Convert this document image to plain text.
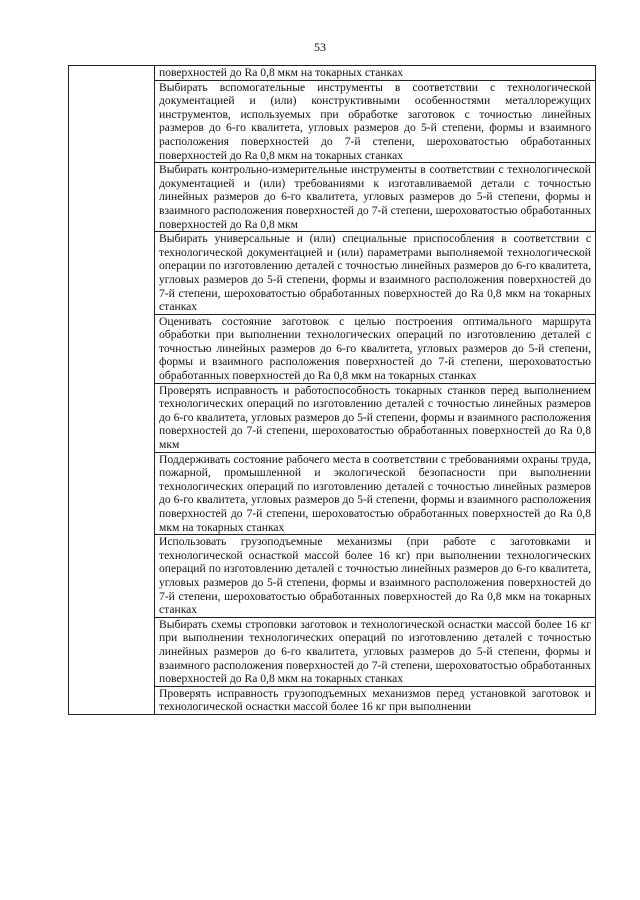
53

поверхностей до Ra 0,8 мкм на токарных станках

Выбирать вспомогательные инструменты в соответствии с технологической документацией и (или) конструктивными особенностями металлорежущих инструментов, используемых при обработке заготовок с точностью линейных размеров до 6-го квалитета, угловых размеров до 5-й степени, формы и взаимного расположения поверхностей до 7-й степени, шероховатостью обработанных поверхностей до Ra 0,8 мкм на токарных станках

Выбирать контрольно-измерительные инструменты в соответствии с технологической документацией и (или) требованиями к изготавливаемой детали с точностью линейных размеров до 6-го квалитета, угловых размеров до 5-й степени, формы и взаимного расположения поверхностей до 7-й степени, шероховатостью обработанных поверхностей до Ra 0,8 мкм

Выбирать универсальные и (или) специальные приспособления в соответствии с технологической документацией и (или) параметрами выполняемой технологической операции по изготовлению деталей с точностью линейных размеров до 6-го квалитета, угловых размеров до 5-й степени, формы и взаимного расположения поверхностей до 7-й степени, шероховатостью обработанных поверхностей до Ra 0,8 мкм на токарных станках

Оценивать состояние заготовок с целью построения оптимального маршрута обработки при выполнении технологических операций по изготовлению деталей с точностью линейных размеров до 6-го квалитета, угловых размеров до 5-й степени, формы и взаимного расположения поверхностей до 7-й степени, шероховатостью обработанных поверхностей до Ra 0,8 мкм на токарных станках

Проверять исправность и работоспособность токарных станков перед выполнением технологических операций по изготовлению деталей с точностью линейных размеров до 6-го квалитета, угловых размеров до 5-й степени, формы и взаимного расположения поверхностей до 7-й степени, шероховатостью обработанных поверхностей до Ra 0,8 мкм

Поддерживать состояние рабочего места в соответствии с требованиями охраны труда, пожарной, промышленной и экологической безопасности при выполнении технологических операций по изготовлению деталей с точностью линейных размеров до 6-го квалитета, угловых размеров до 5-й степени, формы и взаимного расположения поверхностей до 7-й степени, шероховатостью обработанных поверхностей до Ra 0,8 мкм на токарных станках

Использовать грузоподъемные механизмы (при работе с заготовками и технологической оснасткой массой более 16 кг) при выполнении технологических операций по изготовлению деталей с точностью линейных размеров до 6-го квалитета, угловых размеров до 5-й степени, формы и взаимного расположения поверхностей до 7-й степени, шероховатостью обработанных поверхностей до Ra 0,8 мкм на токарных станках

Выбирать схемы строповки заготовок и технологической оснастки массой более 16 кг при выполнении технологических операций по изготовлению деталей с точностью линейных размеров до 6-го квалитета, угловых размеров до 5-й степени, формы и взаимного расположения поверхностей до 7-й степени, шероховатостью обработанных поверхностей до Ra 0,8 мкм на токарных станках

Проверять исправность грузоподъемных механизмов перед установкой заготовок и технологической оснастки массой более 16 кг при выполнении
